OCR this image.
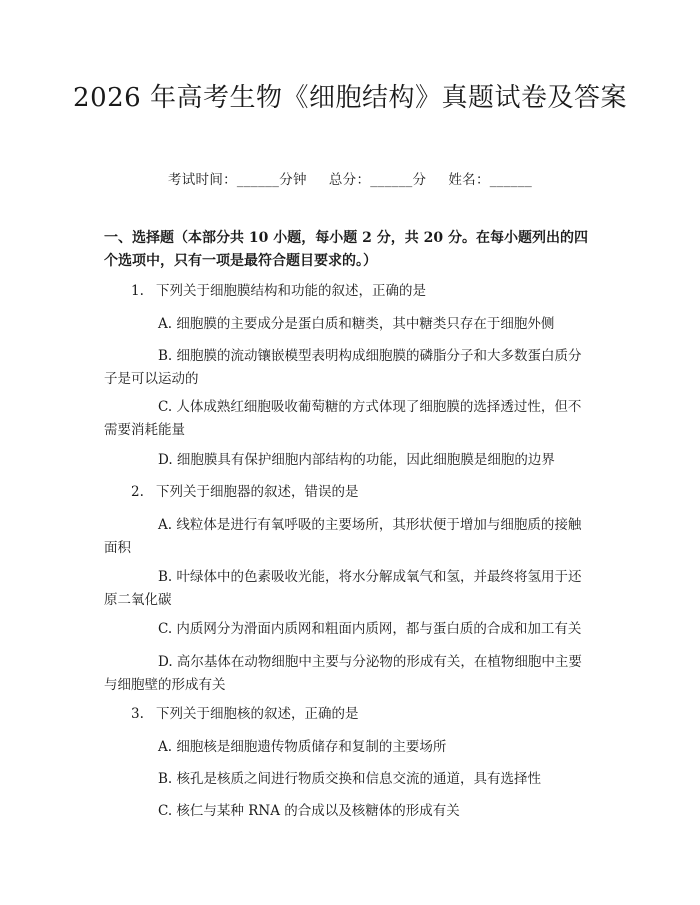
2026 年高考生物《细胞结构》真题试卷及答案
考试时间：______分钟 总分：______分 姓名：______
一、选择题（本部分共 10 小题，每小题 2 分，共 20 分。在每小题列出的四个选项中，只有一项是最符合题目要求的。）
1. 下列关于细胞膜结构和功能的叙述，正确的是
A. 细胞膜的主要成分是蛋白质和糖类，其中糖类只存在于细胞外侧
B. 细胞膜的流动镶嵌模型表明构成细胞膜的磷脂分子和大多数蛋白质分子是可以运动的
C. 人体成熟红细胞吸收葡萄糖的方式体现了细胞膜的选择透过性，但不需要消耗能量
D. 细胞膜具有保护细胞内部结构的功能，因此细胞膜是细胞的边界
2. 下列关于细胞器的叙述，错误的是
A. 线粒体是进行有氧呼吸的主要场所，其形状便于增加与细胞质的接触面积
B. 叶绿体中的色素吸收光能，将水分解成氧气和氢，并最终将氢用于还原二氧化碳
C. 内质网分为滑面内质网和粗面内质网，都与蛋白质的合成和加工有关
D. 高尔基体在动物细胞中主要与分泌物的形成有关，在植物细胞中主要与细胞壁的形成有关
3. 下列关于细胞核的叙述，正确的是
A. 细胞核是细胞遗传物质储存和复制的主要场所
B. 核孔是核质之间进行物质交换和信息交流的通道，具有选择性
C. 核仁与某种 RNA 的合成以及核糖体的形成有关
